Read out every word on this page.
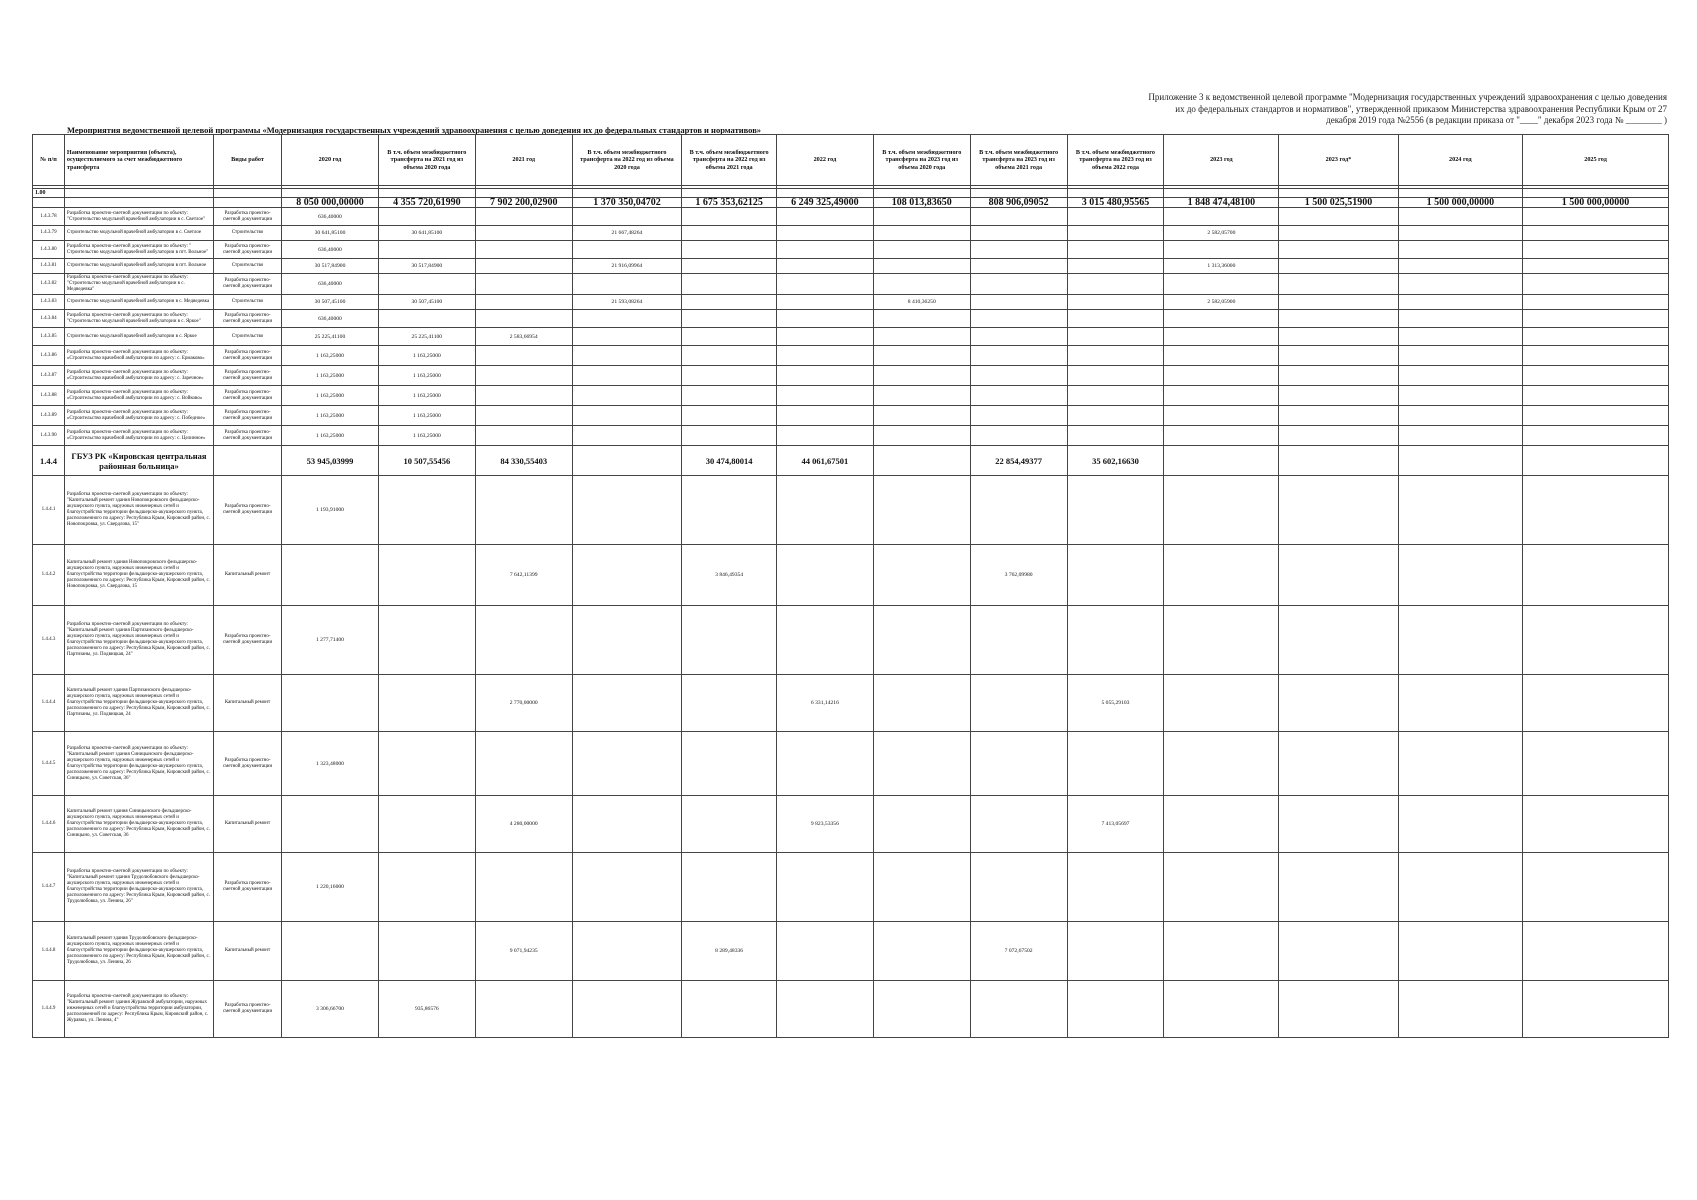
Приложение 3 к ведомственной целевой программе "Модернизация государственных учреждений здравоохранения с целью доведения их до федеральных стандартов и нормативов", утвержденной приказом Министерства здравоохранения Республики Крым от 27 декабря 2019 года №2556 (в редакции приказа от "____" декабря 2023 года № ________ )
Мероприятия ведомственной целевой программы «Модернизация государственных учреждений здравоохранения с целью доведения их до федеральных стандартов и нормативов»
№ п/п	Наименование мероприятия (объекта), осуществляемого за счет межбюджетного трансферта	Виды работ	2020 год	В т.ч. объем межбюджетного трансферта на 2021 год из объема 2020 года	2021 год	В т.ч. объем межбюджетного трансферта на 2022 год из объема 2020 года	В т.ч. объем межбюджетного трансферта на 2022 год из объема 2021 года	2022 год	В т.ч. объем межбюджетного трансферта на 2023 год из объема 2020 года	В т.ч. объем межбюджетного трансферта на 2023 год из объема 2021 года	В т.ч. объем межбюджетного трансферта на 2023 год из объема 2022 года	2023 год	2023 год*	2024 год	2025 год

1.00															
			8 050 000,00000	4 355 720,61990	7 902 200,02900	1 370 350,04702	1 675 353,62125	6 249 325,49000	108 013,83650	808 906,09052	3 015 480,95565	1 848 474,48100	1 500 025,51900	1 500 000,00000	1 500 000,00000
1.4.3.78	Разработка проектно-сметной документации по объекту: "Строительство модульной врачебной амбулатории в с. Светлое"	Разработка проектно-сметной документации	636,40000												
1.4.3.79	Строительство модульной врачебной амбулатории в с. Светлое	Строительство	30 641,85100	30 641,85100		21 667,48264						2 582,05700			
1.4.3.80	Разработка проектно-сметной документации по объекту: " Строительство модульной врачебной амбулатории в пгт. Вольное"	Разработка проектно-сметной документации	636,40000												
1.4.3.81	Строительство модульной врачебной амбулатории в пгт. Вольное	Строительство	30 517,84900	30 517,84900		21 916,09964						1 313,36000			
1.4.3.82	Разработка проектно-сметной документации по объекту: "Строительство модульной врачебной амбулатории в с. Медведевка"	Разработка проектно-сметной документации	636,40000												
1.4.3.83	Строительство модульной врачебной амбулатории в с. Медведевка	Строительство	30 507,45100	30 507,45100		21 593,08264			8 410,36250			2 582,05900			
1.4.3.84	Разработка проектно-сметной документации по объекту: "Строительство модульной врачебной амбулатории в с. Яркое"	Разработка проектно-сметной документации	636,40000												
1.4.3.85	Строительство модульной врачебной амбулатории в с. Яркое	Строительство	25 225,41100	25 225,41100	2 583,66954										
1.4.3.86	Разработка проектно-сметной документации по объекту: «Строительство врачебной амбулатории по адресу: с. Ермаково»	Разработка проектно-сметной документации	1 163,25000	1 163,25000											
1.4.3.87	Разработка проектно-сметной документации по объекту: «Строительство врачебной амбулатории по адресу: с. Заречное»	Разработка проектно-сметной документации	1 163,25000	1 163,25000											
1.4.3.88	Разработка проектно-сметной документации по объекту: «Строительство врачебной амбулатории по адресу: с. Войково»	Разработка проектно-сметной документации	1 163,25000	1 163,25000											
1.4.3.89	Разработка проектно-сметной документации по объекту: «Строительство врачебной амбулатории по адресу: с. Победное»	Разработка проектно-сметной документации	1 163,25000	1 163,25000											
1.4.3.90	Разработка проектно-сметной документации по объекту: «Строительство врачебной амбулатории по адресу: с. Целинное»	Разработка проектно-сметной документации	1 163,25000	1 163,25000											
1.4.4	ГБУЗ РК «Кировская центральная районная больница»		53 945,03999	10 507,55456	84 330,55403		30 474,80014	44 061,67501		22 854,49377	35 602,16630				
1.4.4.1	Разработка проектно-сметной документации по объекту: "Капитальный ремонт здания Новопокровского фельдшерско-акушерского пункта, наружных инженерных сетей и благоустройства территории фельдшерско-акушерского пункта, расположенного по адресу: Республика Крым, Кировский район, с. Новопокровка, ул. Свердлова, 15"	Разработка проектно-сметной документации	1 193,91000												
1.4.4.2	Капитальный ремонт здания Новопокровского фельдшерско-акушерского пункта, наружных инженерных сетей и благоустройства территории фельдшерско-акушерского пункта, расположенного по адресу: Республика Крым, Кировский район, с. Новопокровка, ул. Свердлова, 15	Капитальный ремонт			7 642,11399		3 846,49354			3 762,09980					
1.4.4.3	Разработка проектно-сметной документации по объекту: "Капитальный ремонт здания Партизанского фельдшерско-акушерского пункта, наружных инженерных сетей и благоустройства территории фельдшерско-акушерского пункта, расположенного по адресу: Республика Крым, Кировский район, с. Партизаны, ул. Подвицкая, 24"	Разработка проектно-сметной документации	1 277,71400												
1.4.4.4	Капитальный ремонт здания Партизанского фельдшерско-акушерского пункта, наружных инженерных сетей и благоустройства территории фельдшерско-акушерского пункта, расположенного по адресу: Республика Крым, Кировский район, с. Партизаны, ул. Подвицкая, 24	Капитальный ремонт			2 770,00000			6 331,14216			5 055,29103				
1.4.4.5	Разработка проектно-сметной документации по объекту: "Капитальный ремонт здания Синицынского фельдшерско-акушерского пункта, наружных инженерных сетей и благоустройства территории фельдшерско-акушерского пункта, расположенного по адресу: Республика Крым, Кировский район, с. Синицыно, ул. Советская, 36"	Разработка проектно-сметной документации	1 323,48000												
1.4.4.6	Капитальный ремонт здания Синицынского фельдшерско-акушерского пункта, наружных инженерных сетей и благоустройства территории фельдшерско-акушерского пункта, расположенного по адресу: Республика Крым, Кировский район, с. Синицыно, ул. Советская, 36	Капитальный ремонт			4 280,00000			9 823,53356			7 413,05697				
1.4.4.7	Разработка проектно-сметной документации по объекту: "Капитальный ремонт здания Трудолюбовского фельдшерско-акушерского пункта, наружных инженерных сетей и благоустройства территории фельдшерско-акушерского пункта, расположенного по адресу: Республика Крым, Кировский район, с. Трудолюбовка, ул. Ленина, 26"	Разработка проектно-сметной документации	1 220,16000												
1.4.4.8	Капитальный ремонт здания Трудолюбовского фельдшерско-акушерского пункта, наружных инженерных сетей и благоустройства территории фельдшерско-акушерского пункта, расположенного по адресу: Республика Крым, Кировский район, с. Трудолюбовка, ул. Ленина, 26	Капитальный ремонт			9 071,94235		8 289,48336			7 072,67502					
1.4.4.9	Разработка проектно-сметной документации по объекту: "Капитальный ремонт здания Журавской амбулатории, наружных инженерных сетей и благоустройства территории амбулатории, расположенной по адресу: Республика Крым, Кировский район, с. Журавки, ул. Ленина, 4"	Разработка проектно-сметной документации	3 306,66700	935,86576											
